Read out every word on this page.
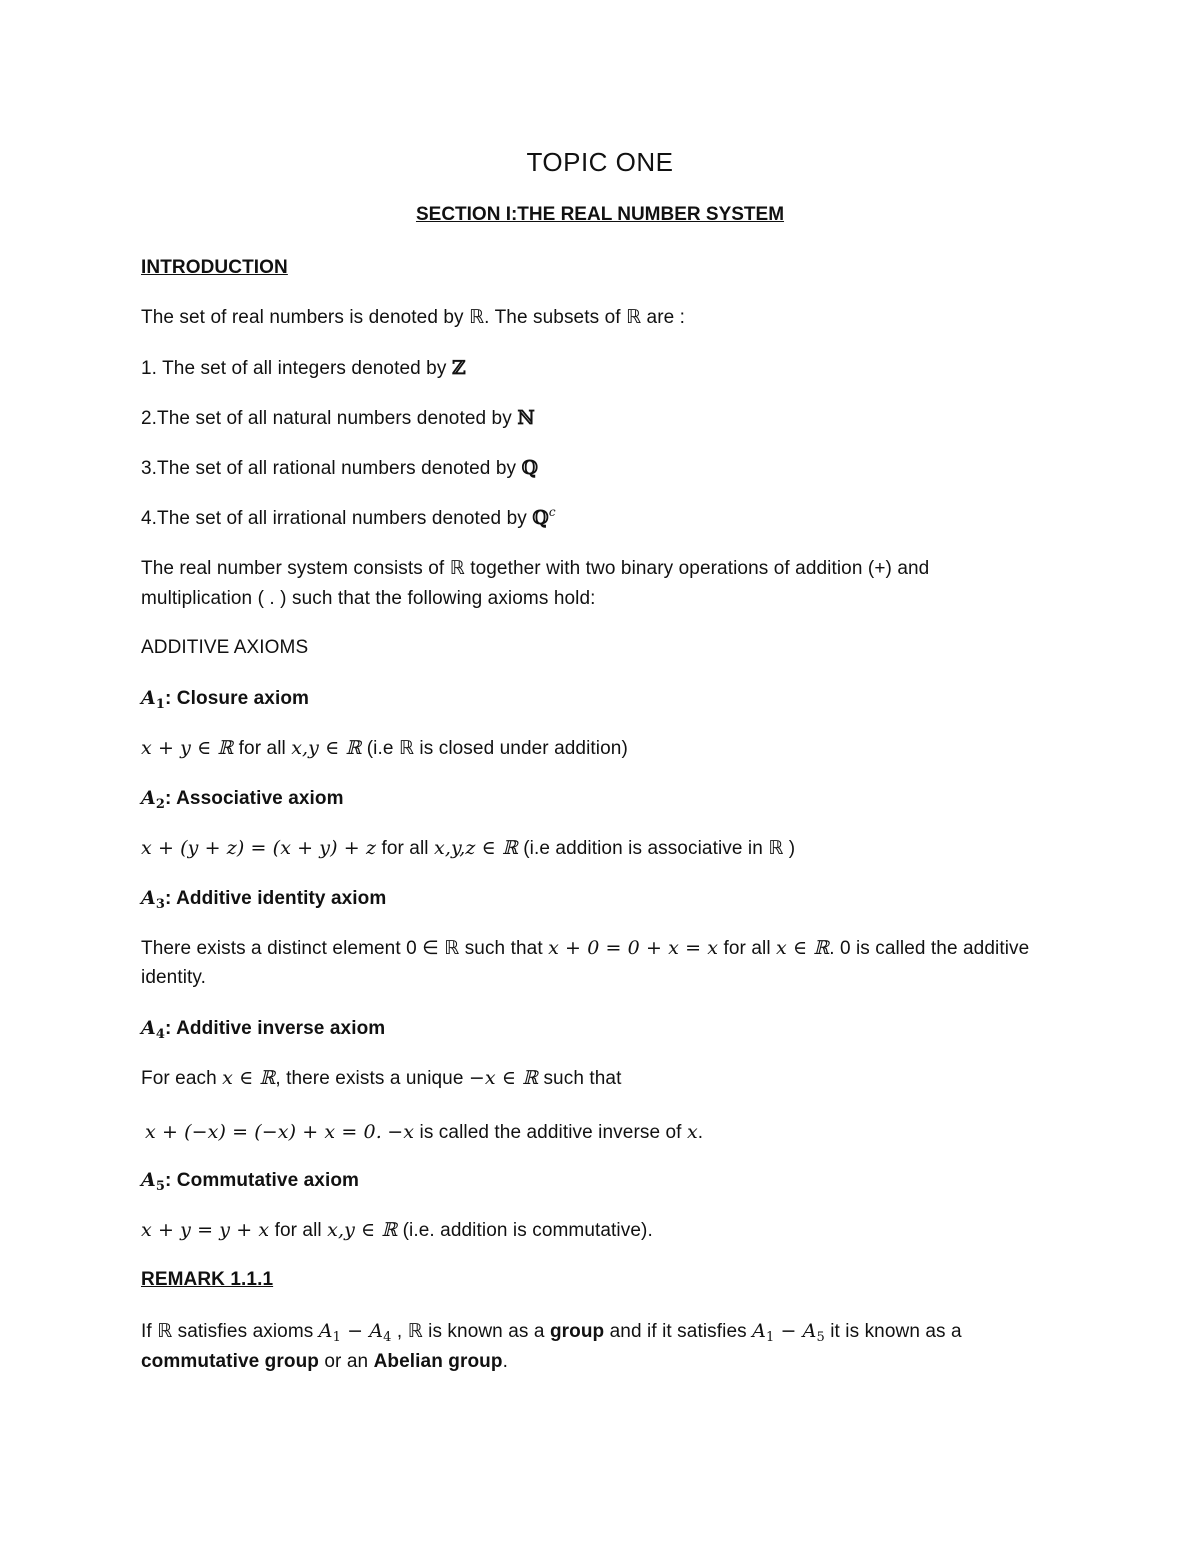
TOPIC ONE
SECTION I:THE REAL NUMBER SYSTEM
INTRODUCTION
The set of real numbers is denoted by ℝ. The subsets of ℝ are :
1. The set of all integers denoted by ℤ
2.The set of all natural numbers denoted by ℕ
3.The set of all rational numbers denoted by ℚ
4.The set of all irrational numbers denoted by ℚ$^c$
The real number system consists of ℝ together with two binary operations of addition (+) and
multiplication ( . ) such that the following axioms hold:
ADDITIVE AXIOMS
$A_1$: Closure axiom
x + y ∈ ℝ for all x,y ∈ ℝ (i.e ℝ is closed under addition)
$A_2$: Associative axiom
x + (y + z) = (x + y) + z for all x,y,z ∈ ℝ (i.e addition is associative in ℝ )
$A_3$: Additive identity axiom
There exists a distinct element 0 ∈ ℝ such that x + 0 = 0 + x = x for all x ∈ ℝ. 0 is called the additive
identity.
$A_4$: Additive inverse axiom
For each x ∈ ℝ, there exists a unique −x ∈ ℝ such that
x + (−x) = (−x) + x = 0. −x is called the additive inverse of x.
$A_5$: Commutative axiom
x + y = y + x for all x,y ∈ ℝ (i.e. addition is commutative).
REMARK 1.1.1
If ℝ satisfies axioms $A_1 - A_4$ , ℝ is known as a group and if it satisfies $A_1 - A_5$ it is known as a
commutative group or an Abelian group.
